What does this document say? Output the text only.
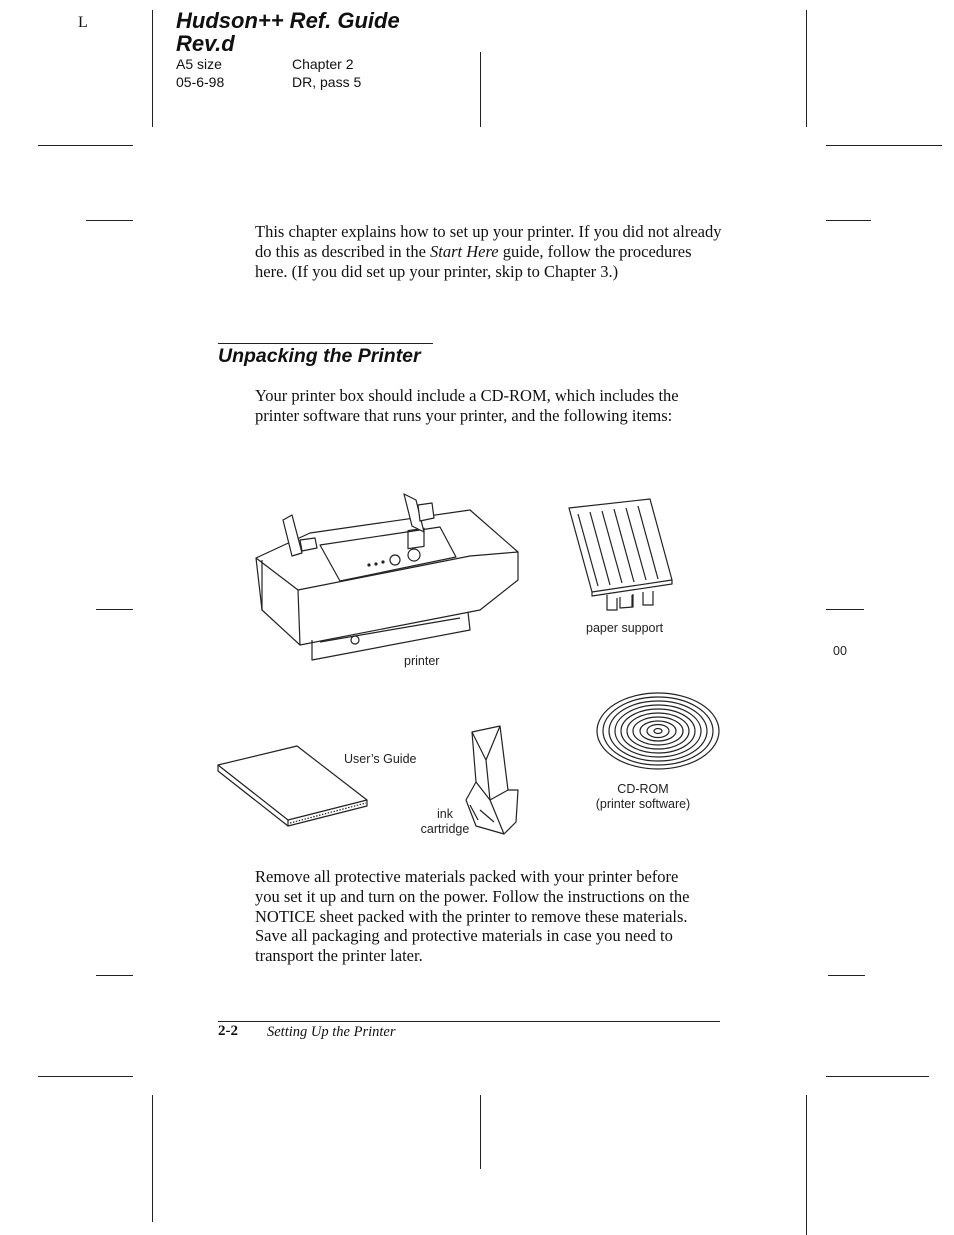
L	Hudson++ Ref. Guide
Rev.d
A5 size
05-6-98
Chapter 2
DR, pass 5
This chapter explains how to set up your printer. If you did not already do this as described in the Start Here guide, follow the procedures here. (If you did set up your printer, skip to Chapter 3.)
Unpacking the Printer
Your printer box should include a CD-ROM, which includes the printer software that runs your printer, and the following items:
printer
paper support
User’s Guide
ink
cartridge
CD-ROM
(printer software)
00
Remove all protective materials packed with your printer before you set it up and turn on the power. Follow the instructions on the NOTICE sheet packed with the printer to remove these materials. Save all packaging and protective materials in case you need to transport the printer later.
2-2 Setting Up the Printer
